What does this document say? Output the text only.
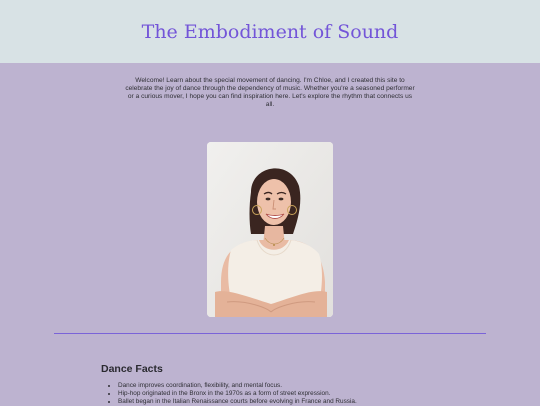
The Embodiment of Sound

Welcome! Learn about the special movement of dancing. I'm Chloe, and I created this site to celebrate the joy of dance through the dependency of music. Whether you're a seasoned performer or a curious mover, I hope you can find inspiration here. Let's explore the rhythm that connects us all.

Dance Facts
• Dance improves coordination, flexibility, and mental focus.
• Hip-hop originated in the Bronx in the 1970s as a form of street expression.
• Ballet began in the Italian Renaissance courts before evolving in France and Russia.
